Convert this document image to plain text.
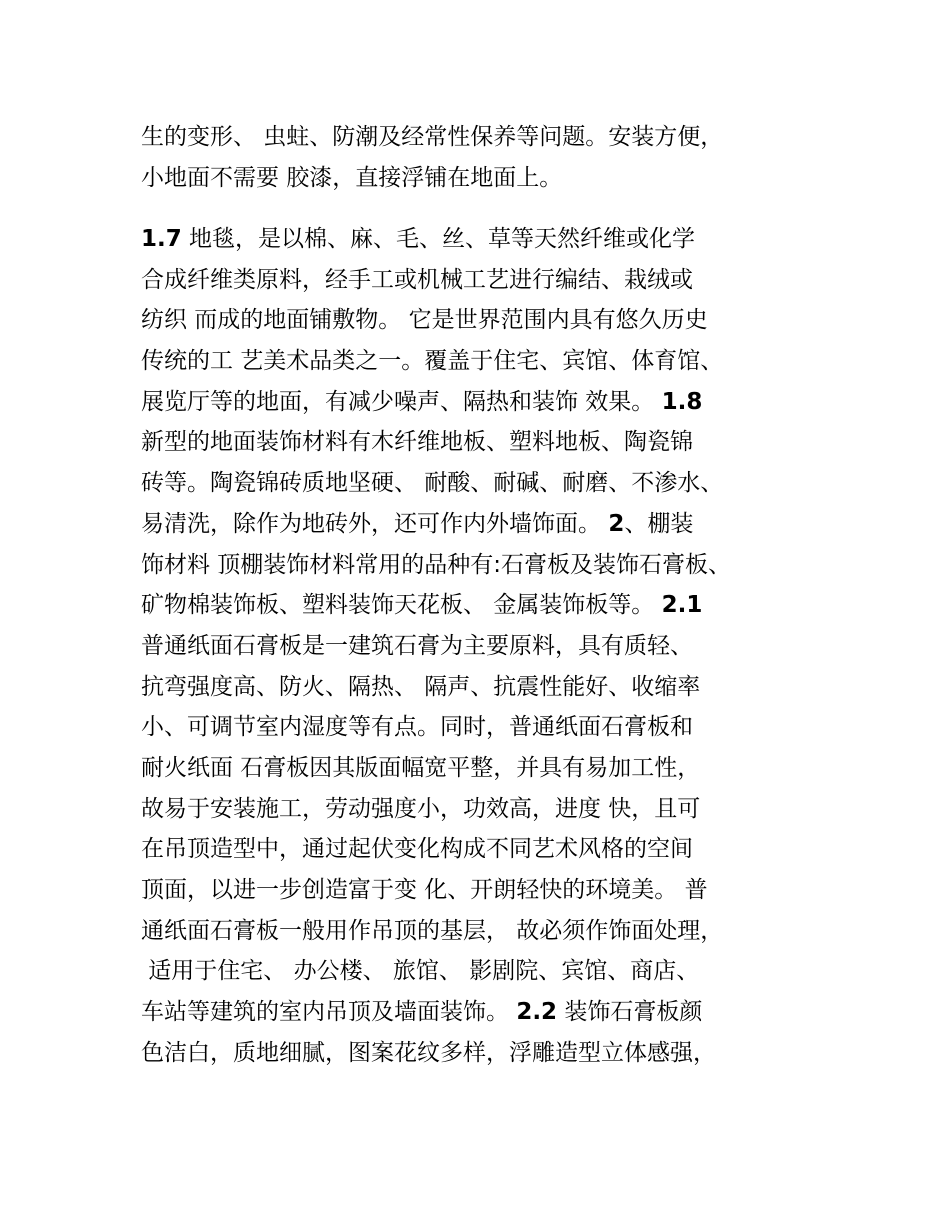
生的变形、 虫蛀、防潮及经常性保养等问题。安装方便，
小地面不需要 胶漆，直接浮铺在地面上。
1.7 地毯，是以棉、麻、毛、丝、草等天然纤维或化学
合成纤维类原料，经手工或机械工艺进行编结、栽绒或
纺织 而成的地面铺敷物。 它是世界范围内具有悠久历史
传统的工 艺美术品类之一。覆盖于住宅、宾馆、体育馆、
展览厅等的地面，有减少噪声、隔热和装饰 效果。 1.8
新型的地面装饰材料有木纤维地板、塑料地板、陶瓷锦
砖等。陶瓷锦砖质地坚硬、 耐酸、耐碱、耐磨、不渗水、
易清洗，除作为地砖外，还可作内外墙饰面。 2、棚装
饰材料 顶棚装饰材料常用的品种有:石膏板及装饰石膏板、
矿物棉装饰板、塑料装饰天花板、 金属装饰板等。 2.1
普通纸面石膏板是一建筑石膏为主要原料，具有质轻、
抗弯强度高、防火、隔热、 隔声、抗震性能好、收缩率
小、可调节室内湿度等有点。同时，普通纸面石膏板和
耐火纸面 石膏板因其版面幅宽平整，并具有易加工性，
故易于安装施工，劳动强度小，功效高，进度 快，且可
在吊顶造型中，通过起伏变化构成不同艺术风格的空间
顶面，以进一步创造富于变 化、开朗轻快的环境美。 普
通纸面石膏板一般用作吊顶的基层， 故必须作饰面处理，
适用于住宅、 办公楼、 旅馆、 影剧院、宾馆、商店、
车站等建筑的室内吊顶及墙面装饰。 2.2 装饰石膏板颜
色洁白，质地细腻，图案花纹多样，浮雕造型立体感强，
